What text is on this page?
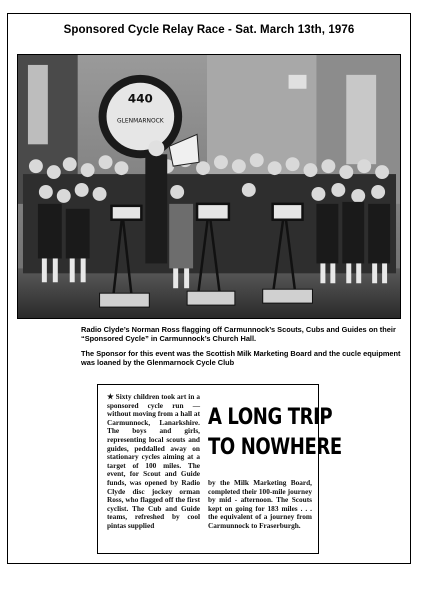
Sponsored Cycle Relay Race - Sat. March 13th, 1976
440
GLENMARNOCK

Radio Clyde’s Norman Ross flagging off Carmunnock’s Scouts, Cubs and Guides on their “Sponsored Cycle” in Carmunnock’s Church Hall.

The Sponsor for this event was the Scottish Milk Marketing Board and the cucle equipment was loaned by the Glenmarnock Cycle Club

★ Sixty children took art in a sponsored cycle run —without moving from a hall at Carmunnock, Lanarkshire. The boys and girls, representing local scouts and guides, peddalled away on stationary cycles aiming at a target of 100 miles. The event, for Scout and Guide funds, was opened by Radio Clyde disc jockey orman Ross, who flagged off the first cyclist. The Cub and Guide teams, refreshed by cool pintas supplied
A LONG TRIP
TO NOWHERE
by the Milk Marketing Board, completed their 100-mile journey by mid - afternoon. The Scouts kept on going for 183 miles . . . the equivalent of a journey from Carmunnock to Fraserburgh.
